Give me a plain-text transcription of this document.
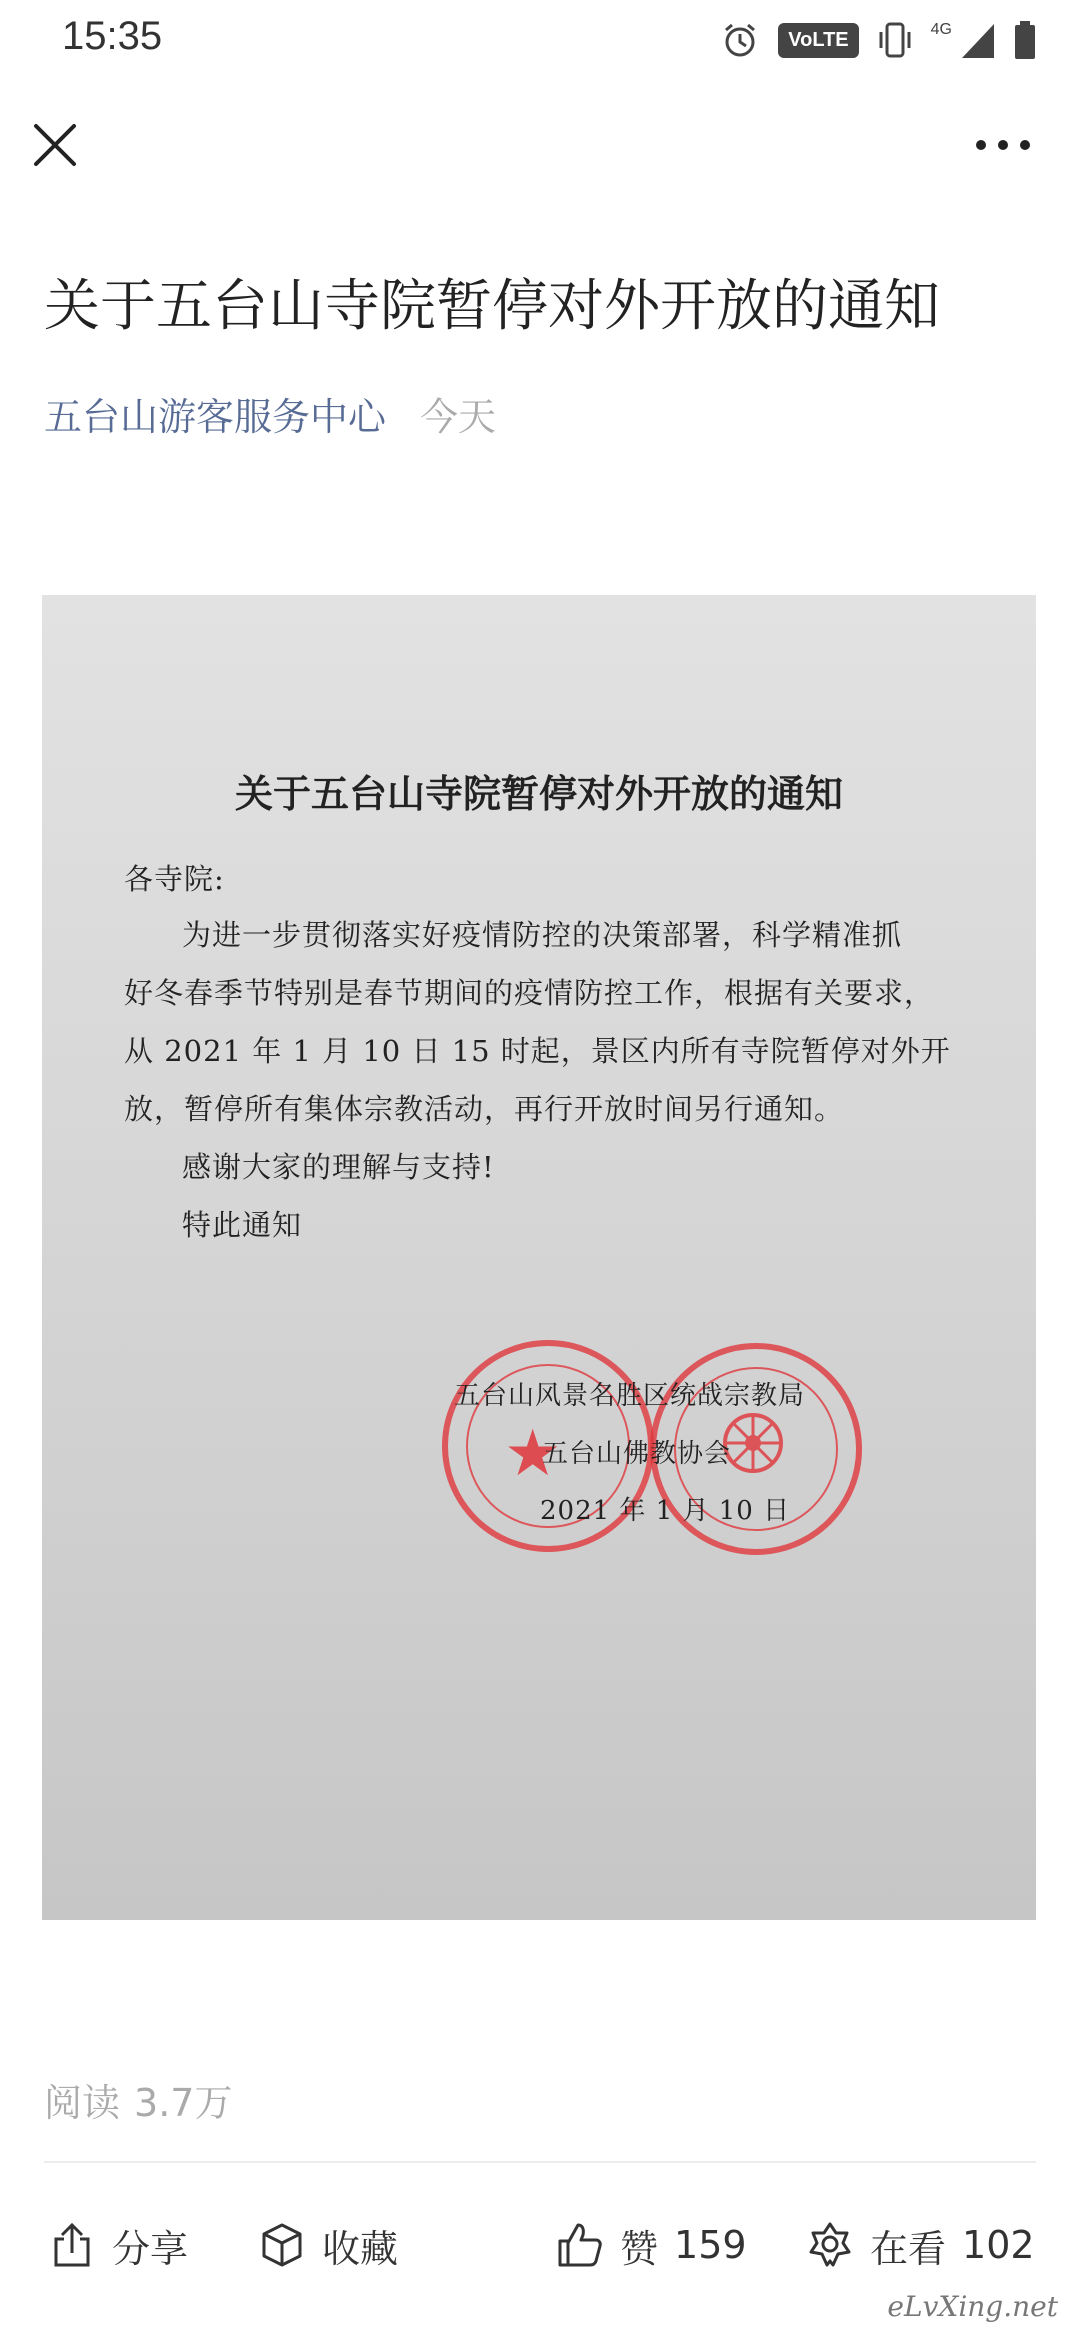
15:35	VoLTE	4G
关于五台山寺院暂停对外开放的通知
五台山游客服务中心 今天
关于五台山寺院暂停对外开放的通知
各寺院:
为进一步贯彻落实好疫情防控的决策部署，科学精准抓
好冬春季节特别是春节期间的疫情防控工作，根据有关要求，
从 2021 年 1 月 10 日 15 时起，景区内所有寺院暂停对外开
放，暂停所有集体宗教活动，再行开放时间另行通知。
感谢大家的理解与支持!
特此通知
★
五台山风景名胜区统战宗教局
五台山佛教协会
2021 年 1 月 10 日
阅读 3.7万
分享	收藏	赞 159	在看 102
eLvXing.net
